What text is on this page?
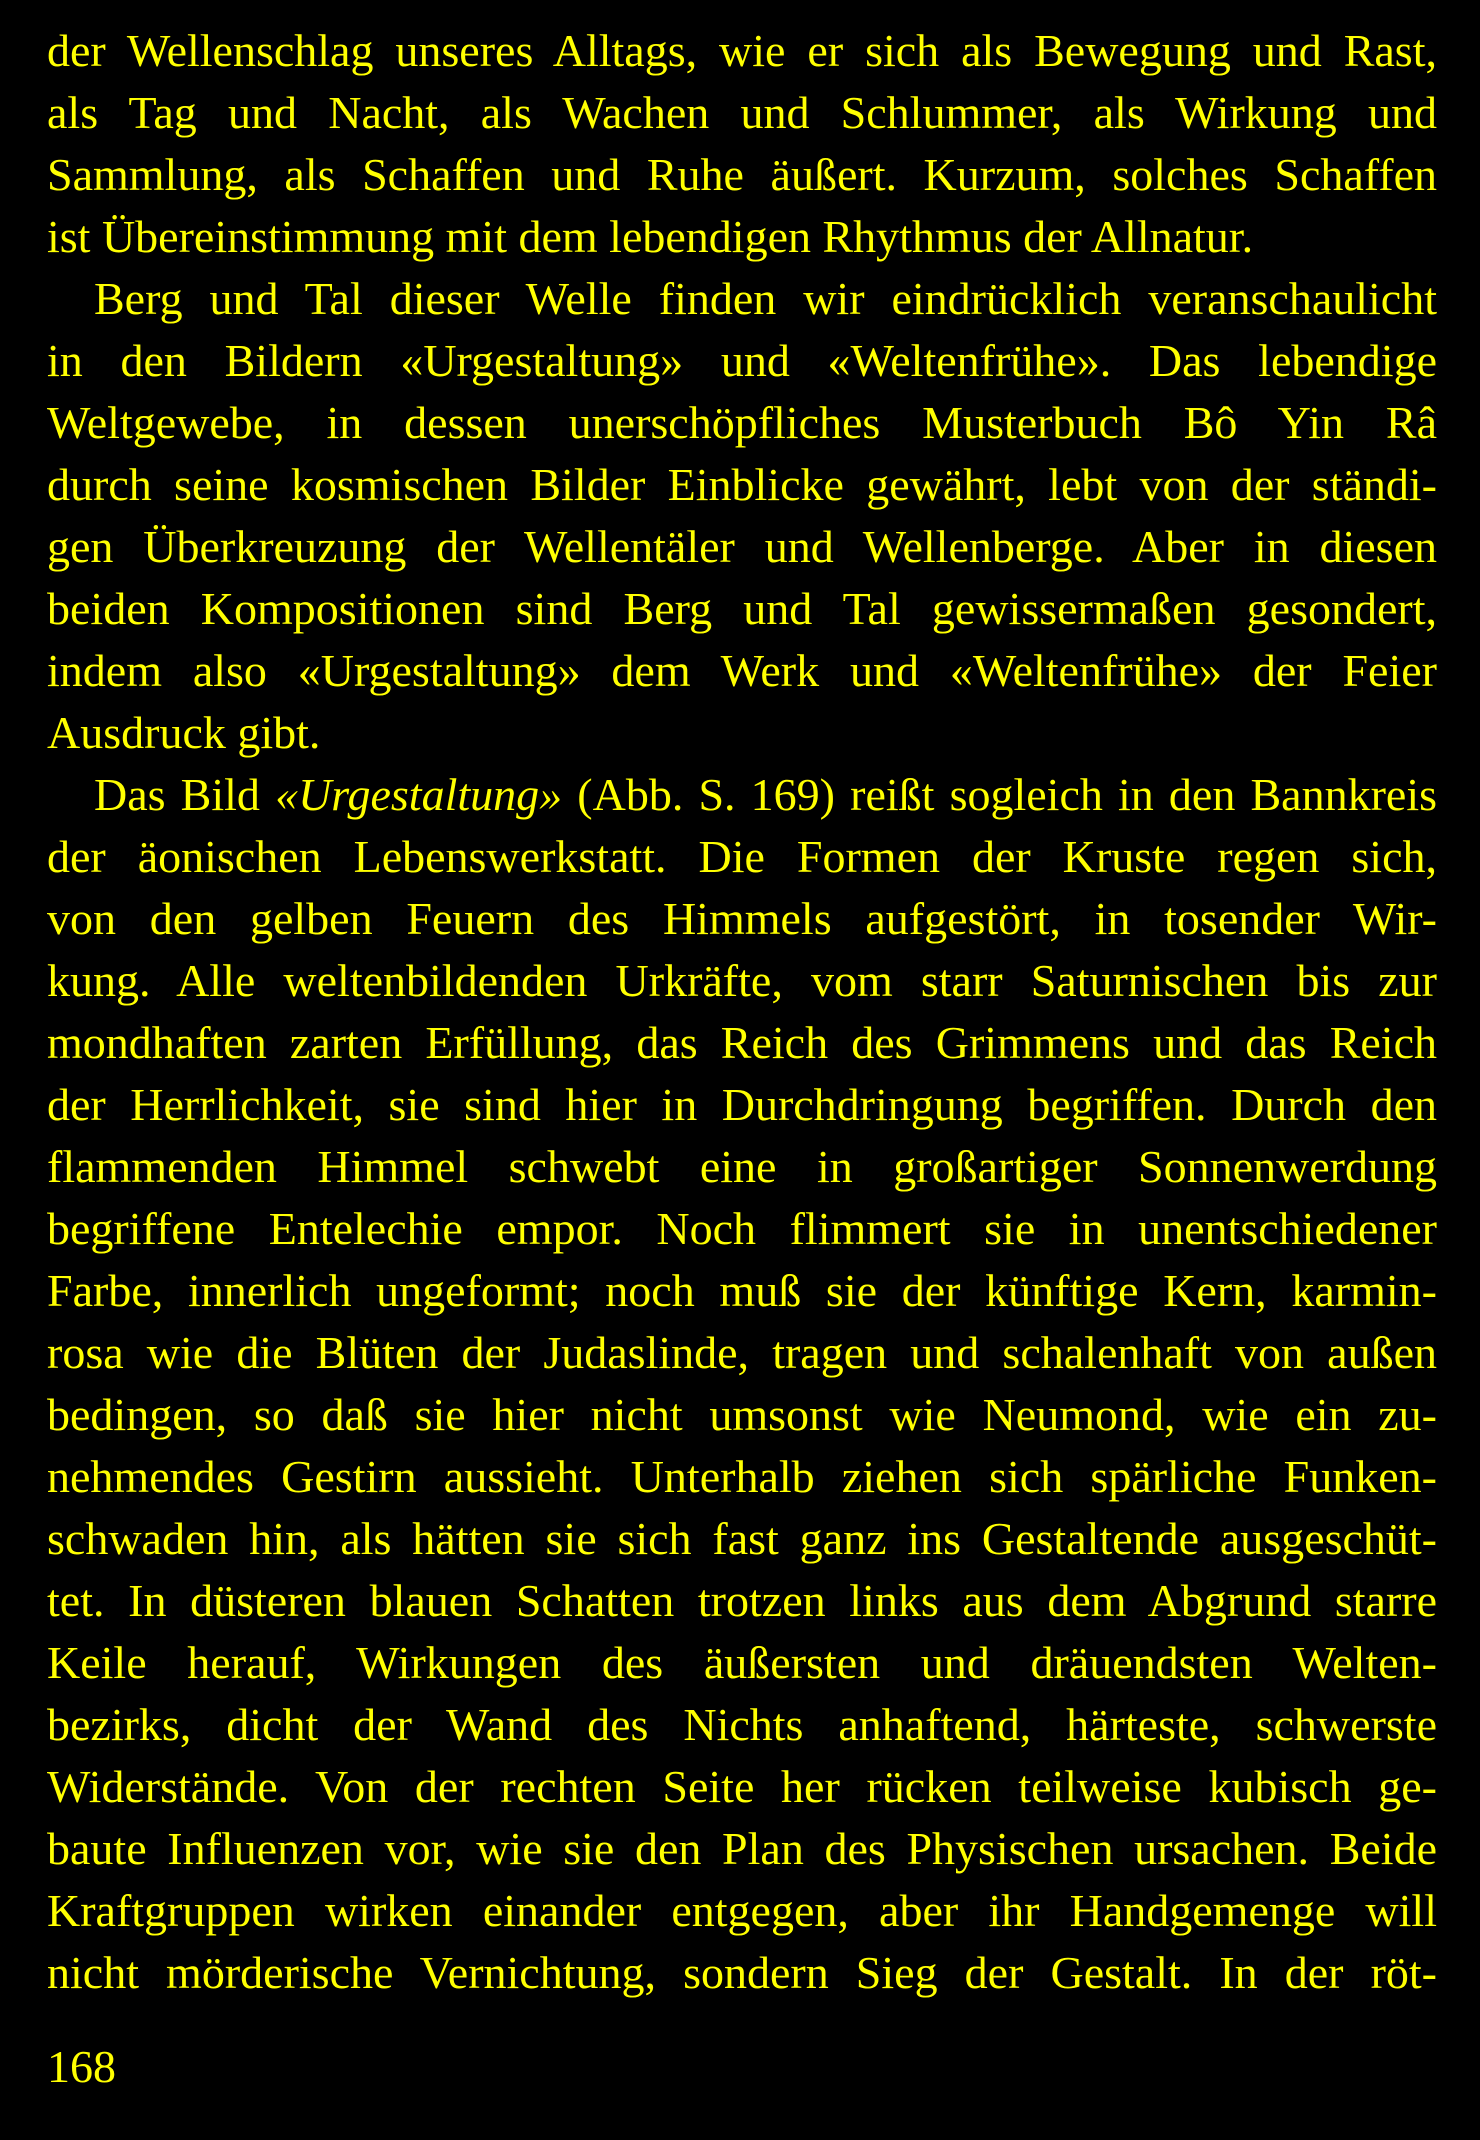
der Wellenschlag unseres Alltags, wie er sich als Bewegung und Rast,
als Tag und Nacht, als Wachen und Schlummer, als Wirkung und
Sammlung, als Schaffen und Ruhe äußert. Kurzum, solches Schaffen
ist Übereinstimmung mit dem lebendigen Rhythmus der Allnatur.
Berg und Tal dieser Welle finden wir eindrücklich veranschaulicht
in den Bildern «Urgestaltung» und «Weltenfrühe». Das lebendige
Weltgewebe, in dessen unerschöpfliches Musterbuch Bô Yin Râ
durch seine kosmischen Bilder Einblicke gewährt, lebt von der ständi-
gen Überkreuzung der Wellentäler und Wellenberge. Aber in diesen
beiden Kompositionen sind Berg und Tal gewissermaßen gesondert,
indem also «Urgestaltung» dem Werk und «Weltenfrühe» der Feier
Ausdruck gibt.
Das Bild «Urgestaltung» (Abb. S. 169) reißt sogleich in den Bannkreis
der äonischen Lebenswerkstatt. Die Formen der Kruste regen sich,
von den gelben Feuern des Himmels aufgestört, in tosender Wir-
kung. Alle weltenbildenden Urkräfte, vom starr Saturnischen bis zur
mondhaften zarten Erfüllung, das Reich des Grimmens und das Reich
der Herrlichkeit, sie sind hier in Durchdringung begriffen. Durch den
flammenden Himmel schwebt eine in großartiger Sonnenwerdung
begriffene Entelechie empor. Noch flimmert sie in unentschiedener
Farbe, innerlich ungeformt; noch muß sie der künftige Kern, karmin-
rosa wie die Blüten der Judaslinde, tragen und schalenhaft von außen
bedingen, so daß sie hier nicht umsonst wie Neumond, wie ein zu-
nehmendes Gestirn aussieht. Unterhalb ziehen sich spärliche Funken-
schwaden hin, als hätten sie sich fast ganz ins Gestaltende ausgeschüt-
tet. In düsteren blauen Schatten trotzen links aus dem Abgrund starre
Keile herauf, Wirkungen des äußersten und dräuendsten Welten-
bezirks, dicht der Wand des Nichts anhaftend, härteste, schwerste
Widerstände. Von der rechten Seite her rücken teilweise kubisch ge-
baute Influenzen vor, wie sie den Plan des Physischen ursachen. Beide
Kraftgruppen wirken einander entgegen, aber ihr Handgemenge will
nicht mörderische Vernichtung, sondern Sieg der Gestalt. In der röt-
168
